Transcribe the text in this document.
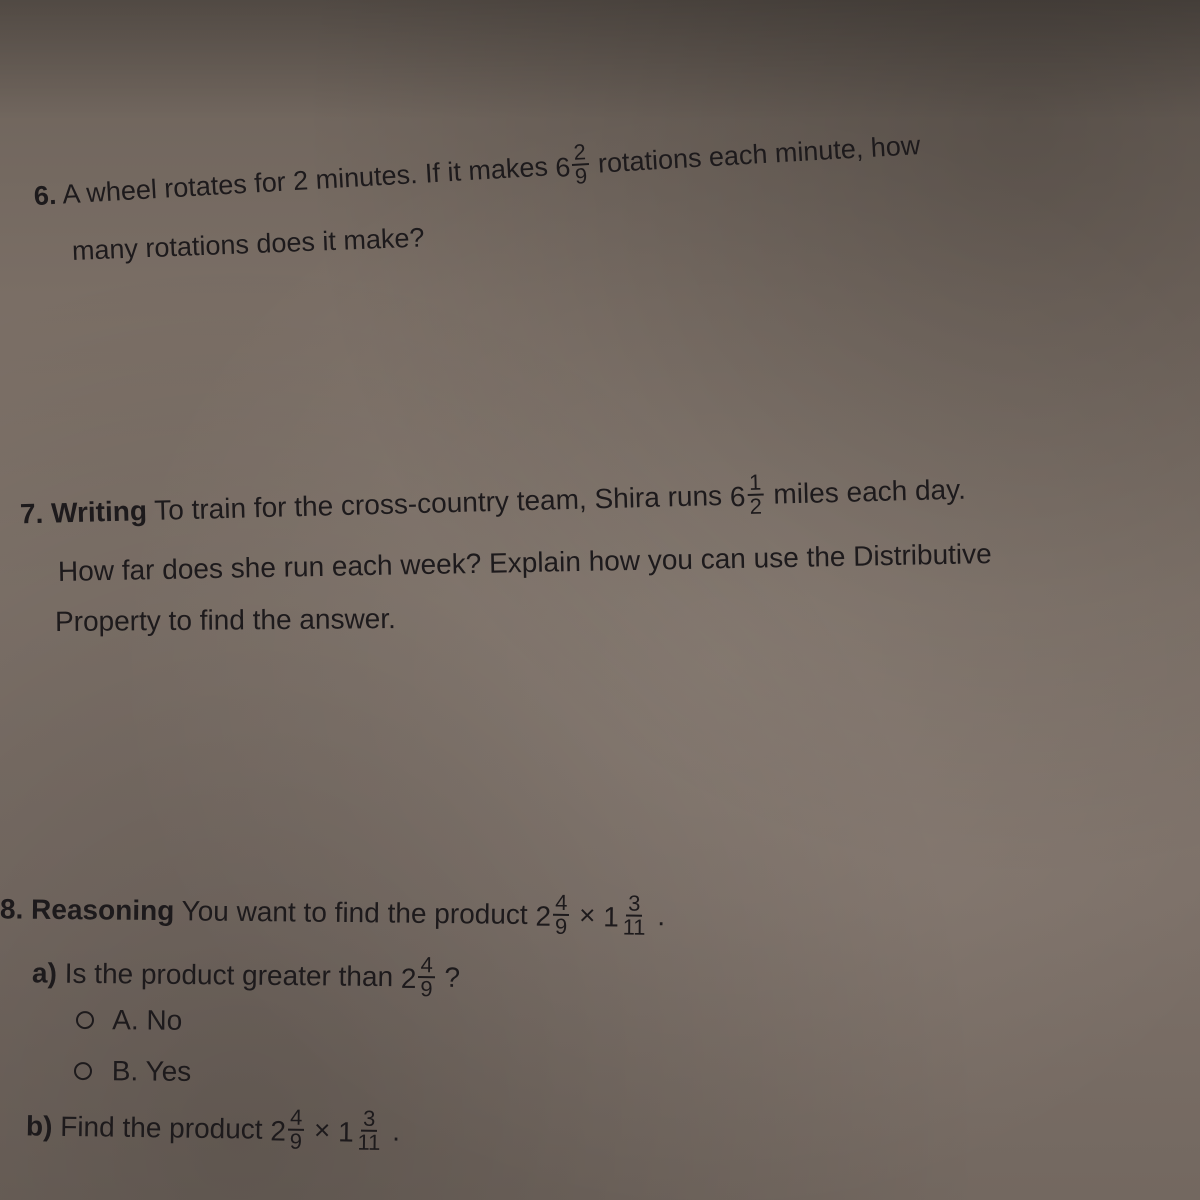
6. A wheel rotates for 2 minutes. If it makes $6 \frac{2}{9}$ rotations each minute, how
many rotations does it make?
7. Writing To train for the cross-country team, Shira runs $6 \frac{1}{2}$ miles each day.
How far does she run each week? Explain how you can use the Distributive
Property to find the answer.
8. Reasoning You want to find the product $2 \frac{4}{9} \times 1 \frac{3}{11}$ .
a) Is the product greater than $2 \frac{4}{9}$ ?
A. No
B. Yes
b) Find the product $2 \frac{4}{9} \times 1 \frac{3}{11}$ .
